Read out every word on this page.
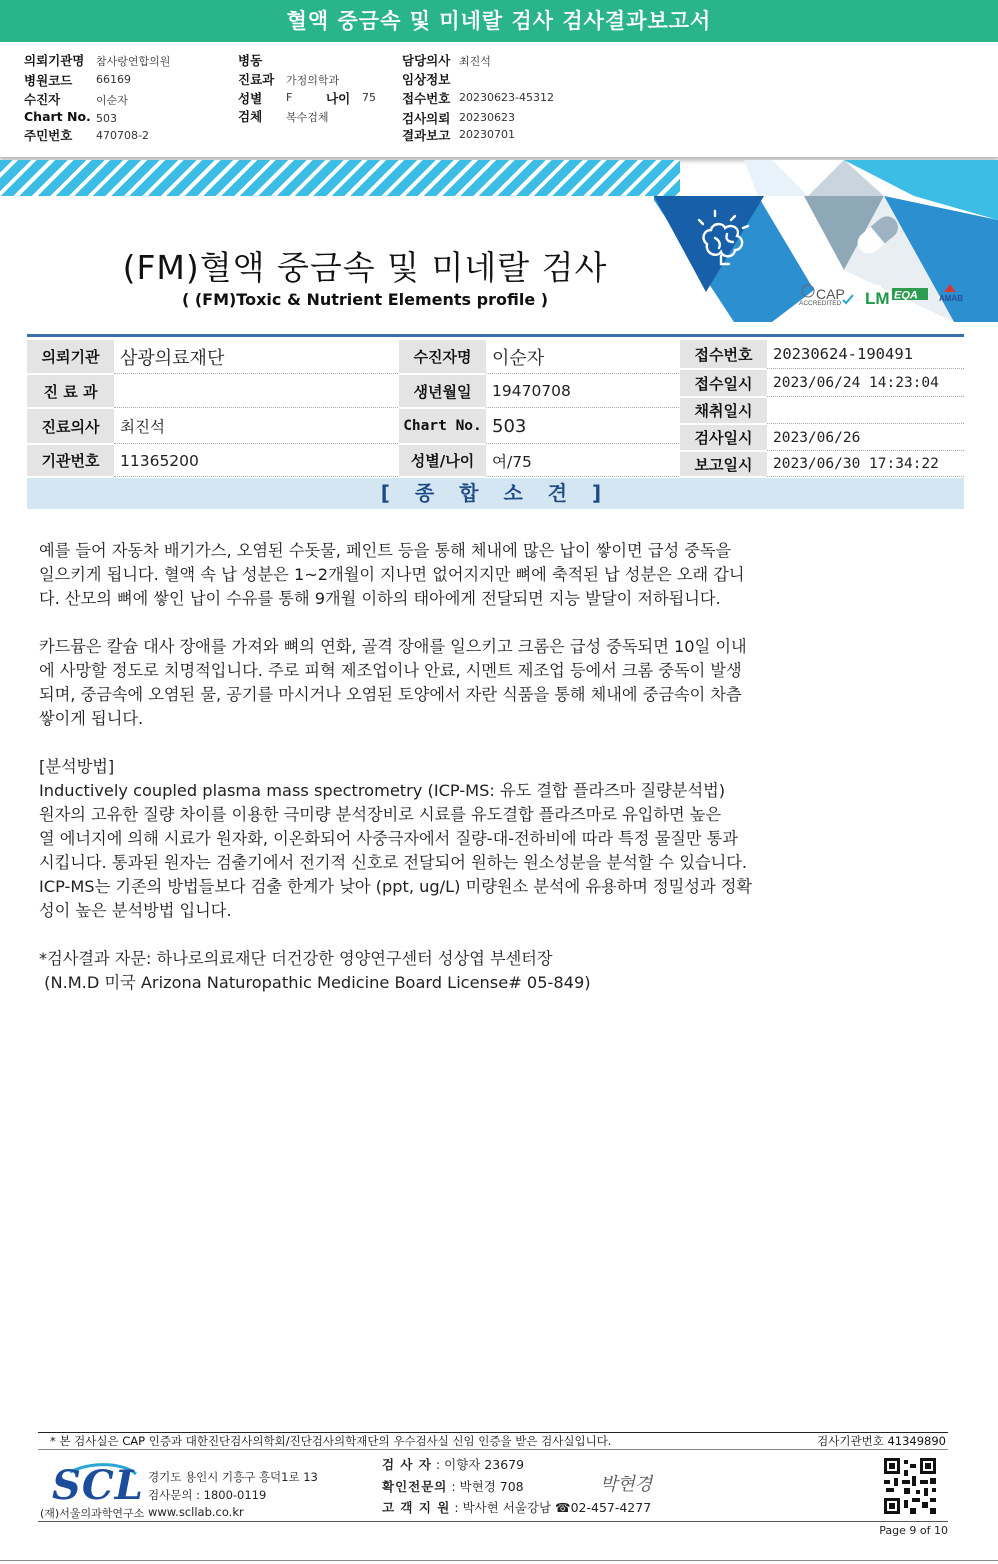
혈액 중금속 및 미네랄 검사 검사결과보고서
의뢰기관명 참사랑연합의원
병원코드 66169
수진자	이순자
Chart No. 503
주민번호 470708-2
병동
진료과 가정의학과
성별 F	나이 75
검체 복수검체
담당의사 최진석
임상정보
접수번호 20230623-45312
검사의뢰 20230623
결과보고 20230701
CAP
ACCREDITED LM EQA	AMAB
(FM)혈액 중금속 및 미네랄 검사
( (FM)Toxic & Nutrient Elements profile )
의뢰기관	삼광의료재단
진 료 과
진료의사	최진석
기관번호	11365200
수진자명	이순자
생년월일	19470708
Chart No. 503
성별/나이	여/75
접수번호	20230624-190491
접수일시	2023/06/24 14:23:04
채취일시
검사일시	2023/06/26
보고일시	2023/06/30 17:34:22
[ 종 합 소 견 ]

예를 들어 자동차 배기가스, 오염된 수돗물, 페인트 등을 통해 체내에 많은 납이 쌓이면 급성 중독을

일으키게 됩니다. 혈액 속 납 성분은 1~2개월이 지나면 없어지지만 뼈에 축적된 납 성분은 오래 갑니

다. 산모의 뼈에 쌓인 납이 수유를 통해 9개월 이하의 태아에게 전달되면 지능 발달이 저하됩니다.

카드뮴은 칼슘 대사 장애를 가져와 뼈의 연화, 골격 장애를 일으키고 크롬은 급성 중독되면 10일 이내

에 사망할 정도로 치명적입니다. 주로 피혁 제조업이나 안료, 시멘트 제조업 등에서 크롬 중독이 발생

되며, 중금속에 오염된 물, 공기를 마시거나 오염된 토양에서 자란 식품을 통해 체내에 중금속이 차츰

쌓이게 됩니다.

[분석방법]

Inductively coupled plasma mass spectrometry (ICP-MS: 유도 결합 플라즈마 질량분석법)

원자의 고유한 질량 차이를 이용한 극미량 분석장비로 시료를 유도결합 플라즈마로 유입하면 높은

열 에너지에 의해 시료가 원자화, 이온화되어 사중극자에서 질량-대-전하비에 따라 특정 물질만 통과

시킵니다. 통과된 원자는 검출기에서 전기적 신호로 전달되어 원하는 원소성분을 분석할 수 있습니다.

ICP-MS는 기존의 방법들보다 검출 한계가 낮아 (ppt, ug/L) 미량원소 분석에 유용하며 정밀성과 정확

성이 높은 분석방법 입니다.

*검사결과 자문: 하나로의료재단 더건강한 영양연구센터 성상엽 부센터장

(N.M.D 미국 Arizona Naturopathic Medicine Board License# 05-849)

* 본 검사실은 CAP 인증과 대한진단검사의학회/진단검사의학재단의 우수검사실 신임 인증을 받은 검사실입니다.	검사기관번호 41349890
SCL
(재)서울의과학연구소
경기도 용인시 기흥구 흥덕1로 13
검사문의 : 1800-0119
www.scllab.co.kr
검 사 자 : 이향자 23679
확인전문의 : 박현경 708
고 객 지 원 : 박사현 서울강남 ☎02-457-4277
박현경
Page 9 of 10
